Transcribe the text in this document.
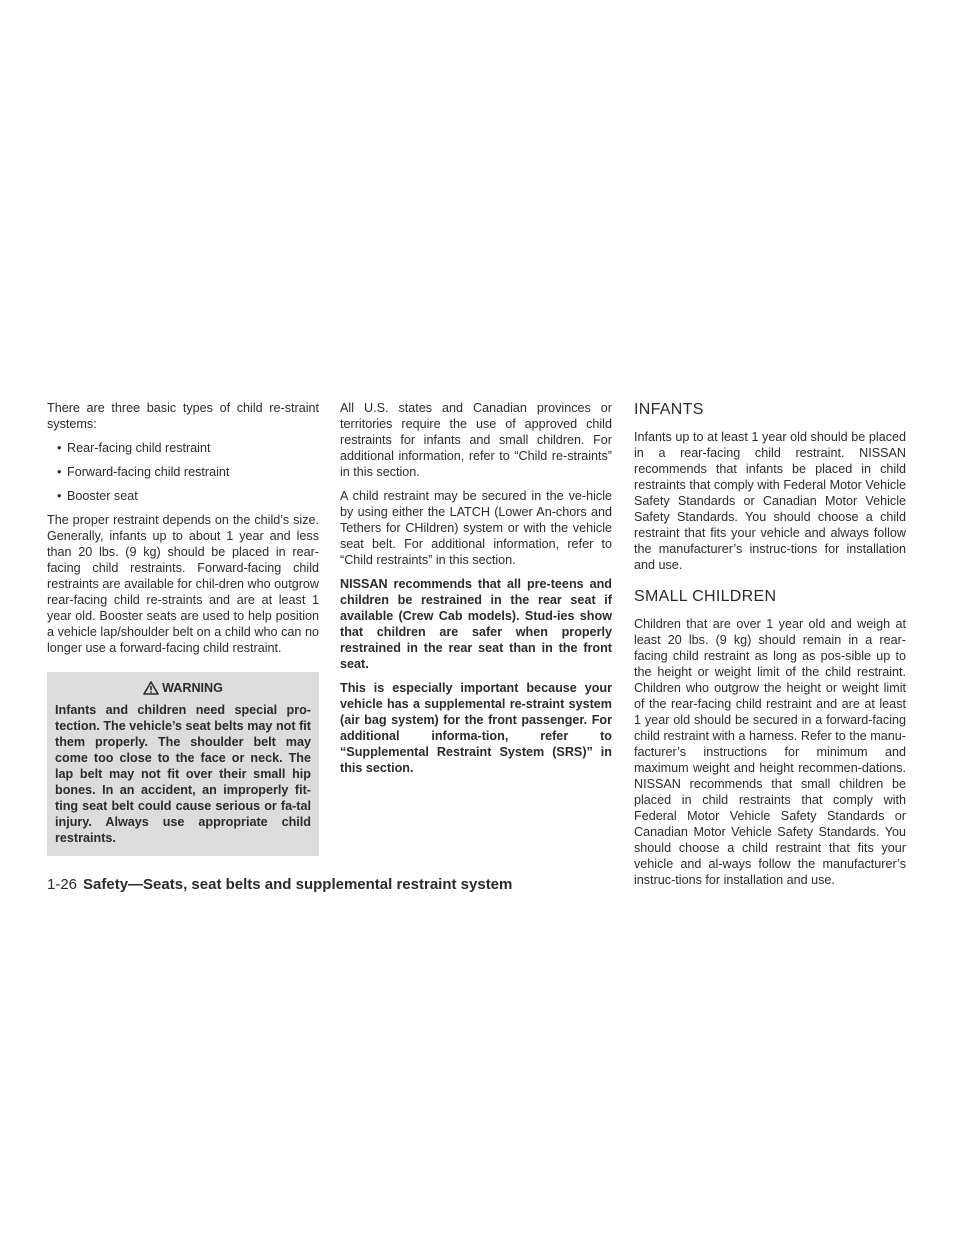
There are three basic types of child re-straint systems:

• Rear-facing child restraint
• Forward-facing child restraint
• Booster seat

The proper restraint depends on the child’s size. Generally, infants up to about 1 year and less than 20 lbs. (9 kg) should be placed in rear-facing child restraints. Forward-facing child restraints are available for chil-dren who outgrow rear-facing child re-straints and are at least 1 year old. Booster seats are used to help position a vehicle lap/shoulder belt on a child who can no longer use a forward-facing child restraint.

WARNING
Infants and children need special pro-tection. The vehicle’s seat belts may not fit them properly. The shoulder belt may come too close to the face or neck. The lap belt may not fit over their small hip bones. In an accident, an improperly fit-ting seat belt could cause serious or fa-tal injury. Always use appropriate child restraints.

All U.S. states and Canadian provinces or territories require the use of approved child restraints for infants and small children. For additional information, refer to “Child re-straints” in this section.

A child restraint may be secured in the ve-hicle by using either the LATCH (Lower An-chors and Tethers for CHildren) system or with the vehicle seat belt. For additional information, refer to “Child restraints” in this section.

NISSAN recommends that all pre-teens and children be restrained in the rear seat if available (Crew Cab models). Stud-ies show that children are safer when properly restrained in the rear seat than in the front seat.

This is especially important because your vehicle has a supplemental re-straint system (air bag system) for the front passenger. For additional informa-tion, refer to “Supplemental Restraint System (SRS)” in this section.

INFANTS

Infants up to at least 1 year old should be placed in a rear-facing child restraint. NISSAN recommends that infants be placed in child restraints that comply with Federal Motor Vehicle Safety Standards or Canadian Motor Vehicle Safety Standards. You should choose a child restraint that fits your vehicle and always follow the manufacturer’s instruc-tions for installation and use.

SMALL CHILDREN

Children that are over 1 year old and weigh at least 20 lbs. (9 kg) should remain in a rear-facing child restraint as long as pos-sible up to the height or weight limit of the child restraint. Children who outgrow the height or weight limit of the rear-facing child restraint and are at least 1 year old should be secured in a forward-facing child restraint with a harness. Refer to the manu-facturer’s instructions for minimum and maximum weight and height recommen-dations. NISSAN recommends that small children be placed in child restraints that comply with Federal Motor Vehicle Safety Standards or Canadian Motor Vehicle Safety Standards. You should choose a child restraint that fits your vehicle and al-ways follow the manufacturer’s instruc-tions for installation and use.

1-26 Safety—Seats, seat belts and supplemental restraint system
